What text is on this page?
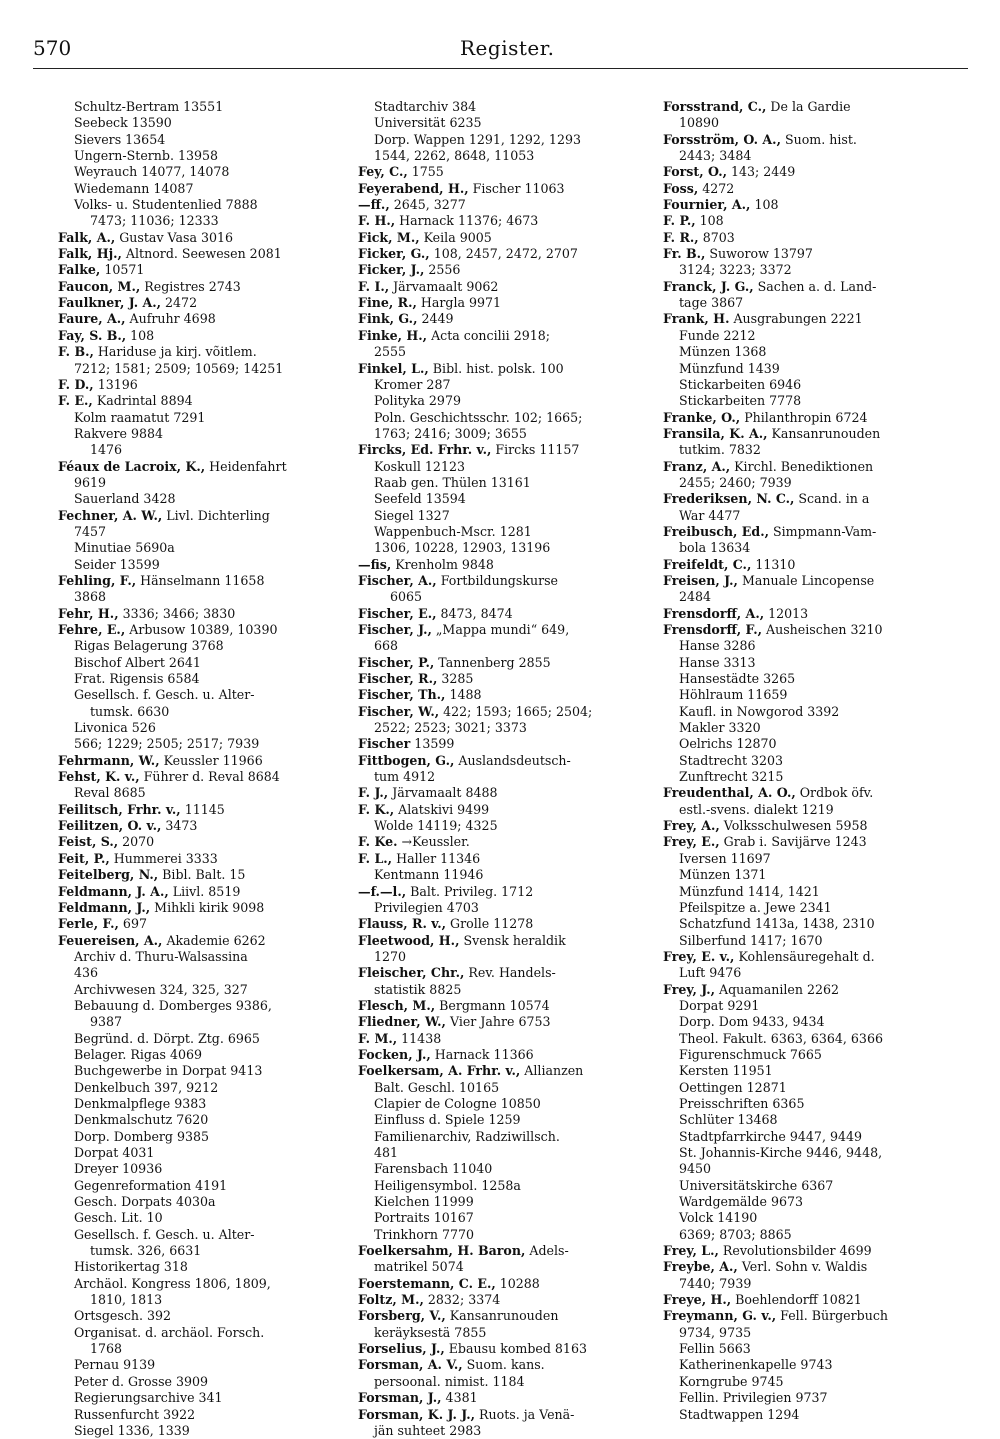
570	Register.
Schultz-Bertram 13551
Seebeck 13590
Sievers 13654
Ungern-Sternb. 13958
Weyrauch 14077, 14078
Wiedemann 14087
Volks- u. Studentenlied 7888
7473; 11036; 12333
Falk, A., Gustav Vasa 3016
Falk, Hj., Altnord. Seewesen 2081
Falke, 10571
Faucon, M., Registres 2743
Faulkner, J. A., 2472
Faure, A., Aufruhr 4698
Fay, S. B., 108
F. B., Hariduse ja kirj. võitlem.
7212; 1581; 2509; 10569; 14251
F. D., 13196
F. E., Kadrintal 8894
Kolm raamatut 7291
Rakvere 9884
1476
Féaux de Lacroix, K., Heidenfahrt
9619
Sauerland 3428
Fechner, A. W., Livl. Dichterling
7457
Minutiae 5690a
Seider 13599
Fehling, F., Hänselmann 11658
3868
Fehr, H., 3336; 3466; 3830
Fehre, E., Arbusow 10389, 10390
Rigas Belagerung 3768
Bischof Albert 2641
Frat. Rigensis 6584
Gesellsch. f. Gesch. u. Alter-
tumsk. 6630
Livonica 526
566; 1229; 2505; 2517; 7939
Fehrmann, W., Keussler 11966
Fehst, K. v., Führer d. Reval 8684
Reval 8685
Feilitsch, Frhr. v., 11145
Feilitzen, O. v., 3473
Feist, S., 2070
Feit, P., Hummerei 3333
Feitelberg, N., Bibl. Balt. 15
Feldmann, J. A., Liivl. 8519
Feldmann, J., Mihkli kirik 9098
Ferle, F., 697
Feuereisen, A., Akademie 6262
Archiv d. Thuru-Walsassina
436
Archivwesen 324, 325, 327
Bebauung d. Domberges 9386,
9387
Begründ. d. Dörpt. Ztg. 6965
Belager. Rigas 4069
Buchgewerbe in Dorpat 9413
Denkelbuch 397, 9212
Denkmalpflege 9383
Denkmalschutz 7620
Dorp. Domberg 9385
Dorpat 4031
Dreyer 10936
Gegenreformation 4191
Gesch. Dorpats 4030a
Gesch. Lit. 10
Gesellsch. f. Gesch. u. Alter-
tumsk. 326, 6631
Historikertag 318
Archäol. Kongress 1806, 1809,
1810, 1813
Ortsgesch. 392
Organisat. d. archäol. Forsch.
1768
Pernau 9139
Peter d. Grosse 3909
Regierungsarchive 341
Russenfurcht 3922
Siegel 1336, 1339
Stadtarchiv 384
Universität 6235
Dorp. Wappen 1291, 1292, 1293
1544, 2262, 8648, 11053
Fey, C., 1755
Feyerabend, H., Fischer 11063
—ff., 2645, 3277
F. H., Harnack 11376; 4673
Fick, M., Keila 9005
Ficker, G., 108, 2457, 2472, 2707
Ficker, J., 2556
F. I., Järvamaalt 9062
Fine, R., Hargla 9971
Fink, G., 2449
Finke, H., Acta concilii 2918;
2555
Finkel, L., Bibl. hist. polsk. 100
Kromer 287
Polityka 2979
Poln. Geschichtsschr. 102; 1665;
1763; 2416; 3009; 3655
Fircks, Ed. Frhr. v., Fircks 11157
Koskull 12123
Raab gen. Thülen 13161
Seefeld 13594
Siegel 1327
Wappenbuch-Mscr. 1281
1306, 10228, 12903, 13196
—fis, Krenholm 9848
Fischer, A., Fortbildungskurse
6065
Fischer, E., 8473, 8474
Fischer, J., „Mappa mundi“ 649,
668
Fischer, P., Tannenberg 2855
Fischer, R., 3285
Fischer, Th., 1488
Fischer, W., 422; 1593; 1665; 2504;
2522; 2523; 3021; 3373
Fischer 13599
Fittbogen, G., Auslandsdeutsch-
tum 4912
F. J., Järvamaalt 8488
F. K., Alatskivi 9499
Wolde 14119; 4325
F. Ke. →Keussler.
F. L., Haller 11346
Kentmann 11946
—f.—l., Balt. Privileg. 1712
Privilegien 4703
Flauss, R. v., Grolle 11278
Fleetwood, H., Svensk heraldik
1270
Fleischer, Chr., Rev. Handels-
statistik 8825
Flesch, M., Bergmann 10574
Fliedner, W., Vier Jahre 6753
F. M., 11438
Focken, J., Harnack 11366
Foelkersam, A. Frhr. v., Allianzen
Balt. Geschl. 10165
Clapier de Cologne 10850
Einfluss d. Spiele 1259
Familienarchiv, Radziwillsch.
481
Farensbach 11040
Heiligensymbol. 1258a
Kielchen 11999
Portraits 10167
Trinkhorn 7770
Foelkersahm, H. Baron, Adels-
matrikel 5074
Foerstemann, C. E., 10288
Foltz, M., 2832; 3374
Forsberg, V., Kansanrunouden
keräyksestä 7855
Forselius, J., Ebausu kombed 8163
Forsman, A. V., Suom. kans.
persoonal. nimist. 1184
Forsman, J., 4381
Forsman, K. J. J., Ruots. ja Venä-
jän suhteet 2983
Forsstrand, C., De la Gardie
10890
Forsström, O. A., Suom. hist.
2443; 3484
Forst, O., 143; 2449
Foss, 4272
Fournier, A., 108
F. P., 108
F. R., 8703
Fr. B., Suworow 13797
3124; 3223; 3372
Franck, J. G., Sachen a. d. Land-
tage 3867
Frank, H. Ausgrabungen 2221
Funde 2212
Münzen 1368
Münzfund 1439
Stickarbeiten 6946
Stickarbeiten 7778
Franke, O., Philanthropin 6724
Fransila, K. A., Kansanrunouden
tutkim. 7832
Franz, A., Kirchl. Benediktionen
2455; 2460; 7939
Frederiksen, N. C., Scand. in a
War 4477
Freibusch, Ed., Simpmann-Vam-
bola 13634
Freifeldt, C., 11310
Freisen, J., Manuale Lincopense
2484
Frensdorff, A., 12013
Frensdorff, F., Ausheischen 3210
Hanse 3286
Hanse 3313
Hansestädte 3265
Höhlraum 11659
Kaufl. in Nowgorod 3392
Makler 3320
Oelrichs 12870
Stadtrecht 3203
Zunftrecht 3215
Freudenthal, A. O., Ordbok öfv.
estl.-svens. dialekt 1219
Frey, A., Volksschulwesen 5958
Frey, E., Grab i. Savijärve 1243
Iversen 11697
Münzen 1371
Münzfund 1414, 1421
Pfeilspitze a. Jewe 2341
Schatzfund 1413a, 1438, 2310
Silberfund 1417; 1670
Frey, E. v., Kohlensäuregehalt d.
Luft 9476
Frey, J., Aquamanilen 2262
Dorpat 9291
Dorp. Dom 9433, 9434
Theol. Fakult. 6363, 6364, 6366
Figurenschmuck 7665
Kersten 11951
Oettingen 12871
Preisschriften 6365
Schlüter 13468
Stadtpfarrkirche 9447, 9449
St. Johannis-Kirche 9446, 9448,
9450
Universitätskirche 6367
Wardgemälde 9673
Volck 14190
6369; 8703; 8865
Frey, L., Revolutionsbilder 4699
Freybe, A., Verl. Sohn v. Waldis
7440; 7939
Freye, H., Boehlendorff 10821
Freymann, G. v., Fell. Bürgerbuch
9734, 9735
Fellin 5663
Katherinenkapelle 9743
Korngrube 9745
Fellin. Privilegien 9737
Stadtwappen 1294
